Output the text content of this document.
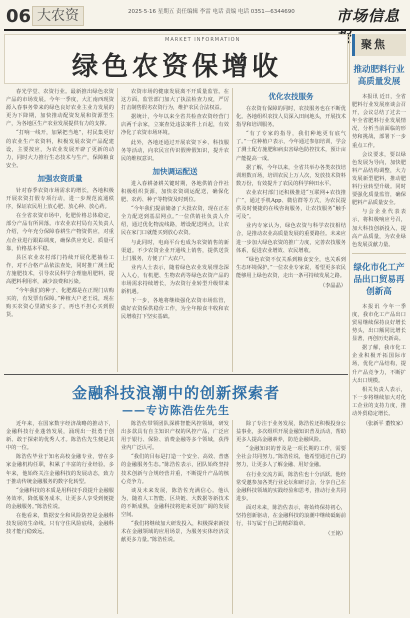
06 大农资	2025·5·16 星期五 责任编辑 李雷 电话 责编 电话 0351—6344690	市场信息
MARKET INFORMATION
绿色农资保增收

春光学堂、农资行业。最新推出绿色农资产品的市场发展。今年一季度，大汇南西现资源入春事务带来的绿色良好农业主业力发展的更为下降期，加快推动配资发展和资源型生产，为各地区生产农业发展提供有力的支撑。

“打响一线开，加紧把当地”，村民集更好的农业生产农资料，积极发展农资产品配建设，主要按应，为农业发展开辟了更新的动力，同时大力推行生态技术与生产，保障粮食安全。

加强农资质量

针对春季农资市场需求的增长，各地积极开展农资打假专项行动，进一步规范流通秩序，保证农民用上放心肥、放心种、放心药。

在全省农资市场中，化肥价格总体稳定，部分产品有所回落。市农业农村局有关负责人介绍，今年充分保障春耕生产物资供应，对重点企业进行跟踪调度，确保供应充足、质量可靠，价格基本平稳。

县区农业农村部门持续开展化肥抽检工作，对不合格产品依法查处，同时推广测土配方施肥技术，引导农民科学合理施用肥料，提高肥料利用率，减少浪费和污染。

“今年我们的种子、化肥都是在正规门店购买的，有发票有保障。”种植大户老王说，现在购买农资心里踏实多了，再也不担心买到假货。

农资市场的健康发展离不开质量监管。在这方面，监管部门加大了执法检查力度，严厉打击制售假劣农资行为，维护农民合法权益。

据统计，今年以来全省共检查农资经营门店两千余家，立案查处违法案件上百起，有效净化了农资市场环境。

此外，各地还通过开展农资下乡、科技服务等活动，向农民宣传识假辨假知识，提升农民的维权意识。

加快调运配送

进入春耕备耕关键时期，各地供销合作社积极组织货源，加快农资调运配送，确保化肥、农药、种子等物资及时到位。

“今年我们提前储备了大批农资，现在正在全力配送到基层网点。”一位供销社负责人介绍，通过优化物流线路，增设配送网点，让农民在家门口就能买到放心农资。

与此同时，电商平台也成为农资销售的新渠道。不少农资企业开通线上销售，提供送货上门服务，方便了广大农户。

业内人士表示，随着绿色农业发展理念深入人心，有机肥、生物农药等绿色农资产品的市场需求持续增长，为农资行业转型升级带来新机遇。

下一步，各地将继续强化农资市场监管，做好农资保供稳价工作，为全年粮食丰收和农民增收打下坚实基础。

优化农技服务

在农资有保障的同时，农技服务也在不断优化。各地组织农技人员深入田间地头，开展技术指导和培训服务。

“有了专家的指导，我们种地更有底气了。”一位种植户表示，今年通过参加培训，学会了测土配方施肥和病虫害绿色防控技术，预计亩产能提高一成。

据了解，今年以来，全省共举办各类农技培训班数百场，培训农民上万人次，发放技术资料数万份，有效提升了农民的科学种田水平。

农业农村部门还积极推进“互联网+农技推广”，通过手机App、微信群等方式，为农民提供及时便捷的在线咨询服务，让农技服务“触手可及”。

业内专家认为，绿色农资与科学农技相结合，是推动农业高质量发展的重要路径。未来应进一步加大绿色农资的推广力度，完善农技服务体系，促进农业增效、农民增收。

“绿色农资不仅关系到粮食安全，也关系到生态环境保护。”一位农业专家说，希望更多农民能够用上绿色农资，走出一条可持续发展之路。

（李晶晶）
聚焦
推动肥料行业高质量发展

本报讯 近日，全省肥料行业发展座谈会召开，会议总结了过去一年全省肥料行业发展情况，分析当前面临的形势和挑战，部署下一步重点工作。

会议要求，要以绿色发展为导向，加快肥料产品结构调整，大力发展新型肥料，推动肥料行业转型升级。同时要强化质量监管，确保肥料产品质量安全。

与会企业代表表示，将积极响应号召，加大科技创新投入，提高产品质量，为农业绿色发展贡献力量。

绿化市化工产品出口贸易再创新高

本报讯 今年一季度，我市化工产品出口贸易继续保持良好增长势头，出口额同比增长显著，再创历史新高。

据了解，我市化工企业积极开拓国际市场，优化产品结构，提升产品竞争力，不断扩大出口规模。

相关负责人表示，下一步将继续加大对化工企业的支持力度，推动外贸稳定增长。

（张新平 董牧家）
金融科技浪潮中的创新探索者
——专访陈浩佐先生

近年来，在国家数字经济战略的推动下，金融科技行业蓬勃发展，涌现出一批勇于创新、敢于探索的优秀人才。陈浩佐先生便是其中的一位。

陈浩佐毕业于知名高校金融专业，曾在多家金融机构任职，积累了丰富的行业经验。多年来，他始终关注金融科技的发展动态，致力于推动传统金融服务的数字化转型。

“金融科技的本质是用科技手段提升金融服务效率，降低服务成本，让更多人享受到便捷的金融服务。”陈浩佐说。

在他看来，数据安全和风险防控是金融科技发展的生命线。只有守住风险底线，金融科技才能行稳致远。

陈浩佐带领团队深耕智能风控领域，研发出多款具有自主知识产权的风控产品，广泛应用于银行、保险、消费金融等多个领域，获得业内广泛认可。

“我们的目标是打造一个安全、高效、普惠的金融服务生态。”陈浩佐表示，团队始终坚持技术创新与合规经营并重，不断提升产品的核心竞争力。

谈及未来发展，陈浩佐充满信心。他认为，随着人工智能、区块链、大数据等新技术的不断成熟，金融科技将迎来更加广阔的发展空间。

“我们将继续加大研发投入，积极探索新技术在金融领域的应用场景，为服务实体经济贡献更多力量。”陈浩佐说。

除了专注于业务发展，陈浩佐还积极投身公益事业，多次组织开展金融知识普及活动，帮助更多人提高金融素养，防范金融风险。

“金融知识的普及是一项长期的工作，需要全社会共同努力。”陈浩佐说，他希望通过自己的努力，让更多人了解金融、用好金融。

在行业交流方面，陈浩佐也十分活跃。他经常受邀参加各类行业论坛和研讨会，分享自己在金融科技领域的实践经验和思考，推动行业共同进步。

面对未来，陈浩佐表示，将始终保持初心，坚持创新驱动，在金融科技的浪潮中继续砥砺前行，书写属于自己的精彩篇章。

（王铭）
